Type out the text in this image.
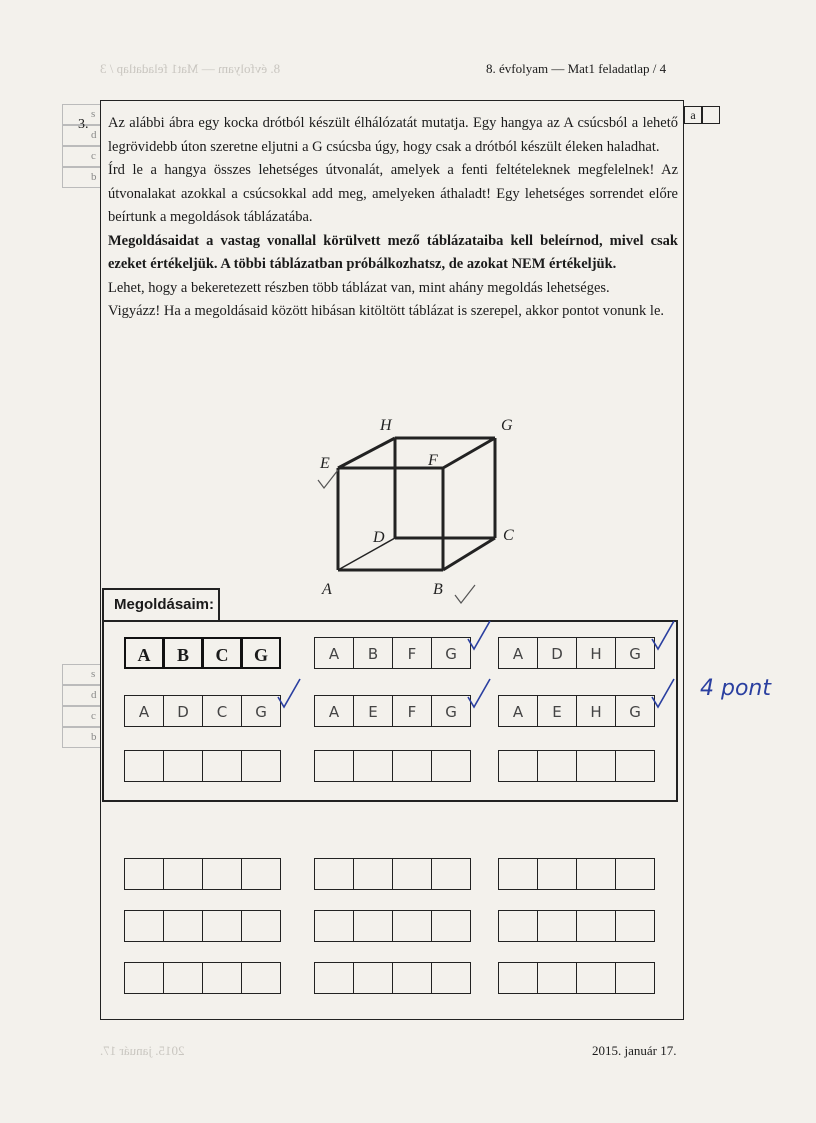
8. évfolyam — Mat1 feladatlap / 3
2015. január 17.
s
d
c
b
s
d
c
b
8. évfolyam — Mat1 feladatlap / 4
3.
a

Az alábbi ábra egy kocka drótból készült élhálózatát mutatja. Egy hangya az A csúcsból a lehető legrövidebb úton szeretne eljutni a G csúcsba úgy, hogy csak a drótból készült éleken haladhat.

Írd le a hangya összes lehetséges útvonalát, amelyek a fenti feltételeknek megfelelnek! Az útvonalakat azokkal a csúcsokkal add meg, amelyeken áthaladt! Egy lehetséges sorrendet előre beírtunk a megoldások táblázatába.

Megoldásaidat a vastag vonallal körülvett mező táblázataiba kell beleírnod, mivel csak ezeket értékeljük. A többi táblázatban próbálkozhatsz, de azokat NEM értékeljük.

Lehet, hogy a bekeretezett részben több táblázat van, mint ahány megoldás lehetséges.

Vigyázz! Ha a megoldásaid között hibásan kitöltött táblázat is szerepel, akkor pontot vonunk le.

H	G
E	F
D	C
A	B
Megoldásaim:
A	B	C	G	A	B	F	G	A	D	H	G
A	D	C	G	A	E	F	G	A	E	H	G
4 pont
2015. január 17.
